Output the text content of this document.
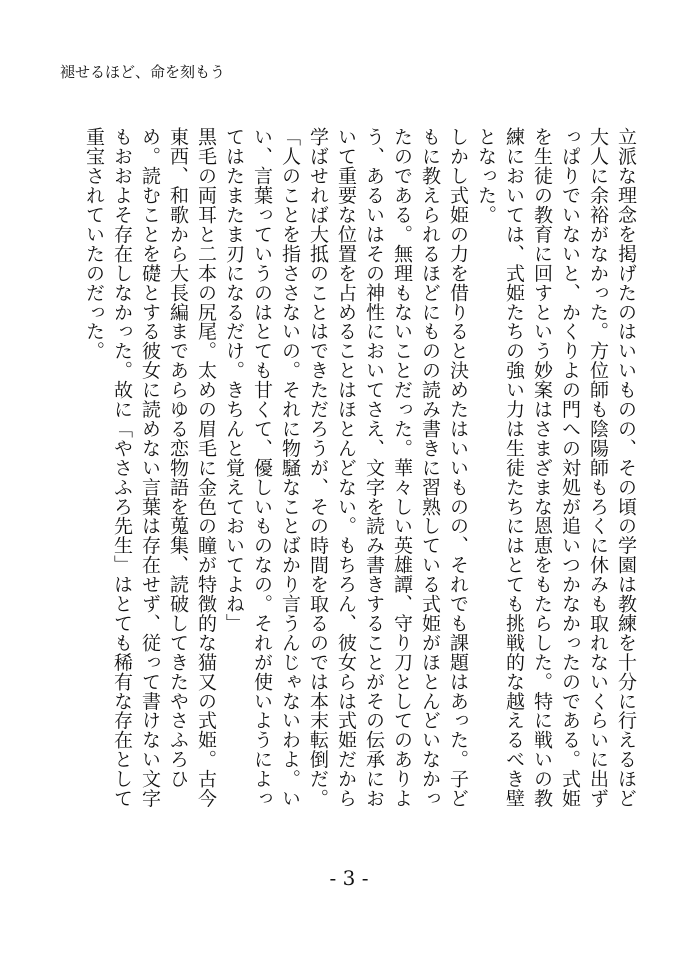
褪せるほど、命を刻もう

立派な理念を掲げたのはいいものの、その頃の学園は教練を十分に行えるほど大人に余裕がなかった。方位師も陰陽師もろくに休みも取れないくらいに出ずっぱりでいないと、かくりよの門への対処が追いつかなかったのである。式姫を生徒の教育に回すという妙案はさまざまな恩恵をもたらした。特に戦いの教練においては、式姫たちの強い力は生徒たちにはとても挑戦的な越えるべき壁となった。

しかし式姫の力を借りると決めたはいいものの、それでも課題はあった。子どもに教えられるほどにものの読み書きに習熟している式姫がほとんどいなかったのである。無理もないことだった。華々しい英雄譚、守り刀としてのありよう、あるいはその神性においてさえ、文字を読み書きすることがその伝承において重要な位置を占めることはほとんどない。もちろん、彼女らは式姫だから学ばせれば大抵のことはできただろうが、その時間を取るのでは本末転倒だ。

「人のことを指ささないの。それに物騒なことばかり言うんじゃないわよ。いい、言葉っていうのはとても甘くて、優しいものなの。それが使いようによってはたまたま刃になるだけ。きちんと覚えておいてよね」

黒毛の両耳と二本の尻尾。太めの眉毛に金色の瞳が特徴的な猫又の式姫。古今東西、和歌から大長編まであらゆる恋物語を蒐集、読破してきたやさふろひめ。読むことを礎とする彼女に読めない言葉は存在せず、従って書けない文字もおおよそ存在しなかった。故に「やさふろ先生」はとても稀有な存在として重宝されていたのだった。

- 3 -
